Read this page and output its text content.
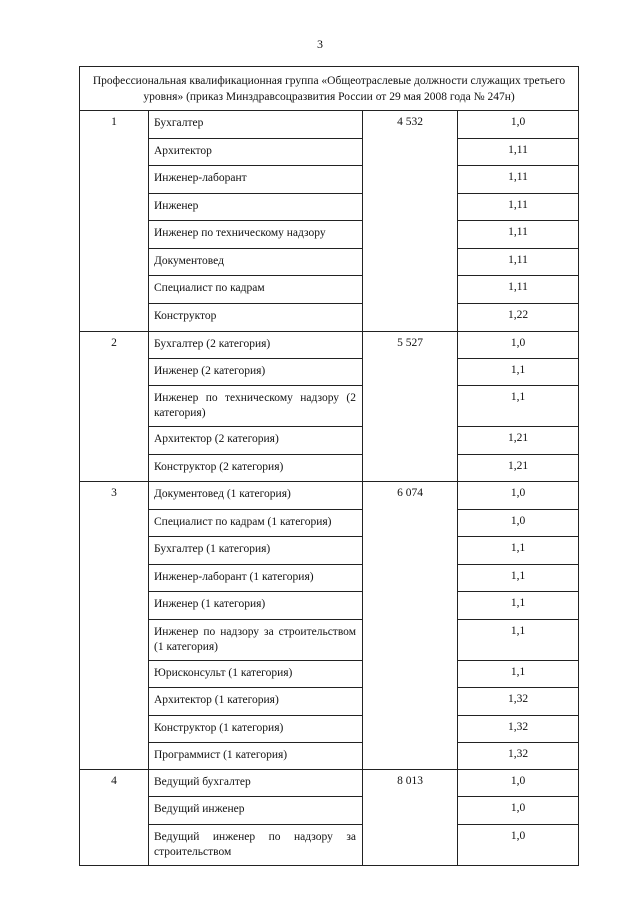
3
Профессиональная квалификационная группа «Общеотраслевые должности служащих третьего уровня» (приказ Минздравсоцразвития России от 29 мая 2008 года № 247н)			
1	Бухгалтер	4 532	1,0
	Архитектор		1,11
	Инженер-лаборант		1,11
	Инженер		1,11
	Инженер по техническому надзору		1,11
	Документовед		1,11
	Специалист по кадрам		1,11
	Конструктор		1,22
2	Бухгалтер (2 категория)	5 527	1,0
	Инженер (2 категория)		1,1
	Инженер по техническому надзору (2 категория)		1,1
	Архитектор (2 категория)		1,21
	Конструктор (2 категория)		1,21
3	Документовед (1 категория)	6 074	1,0
	Специалист по кадрам (1 категория)		1,0
	Бухгалтер (1 категория)		1,1
	Инженер-лаборант (1 категория)		1,1
	Инженер (1 категория)		1,1
	Инженер по надзору за строительством (1 категория)		1,1
	Юрисконсульт (1 категория)		1,1
	Архитектор (1 категория)		1,32
	Конструктор (1 категория)		1,32
	Программист (1 категория)		1,32
4	Ведущий бухгалтер	8 013	1,0
	Ведущий инженер		1,0
	Ведущий инженер по надзору за строительством		1,0
